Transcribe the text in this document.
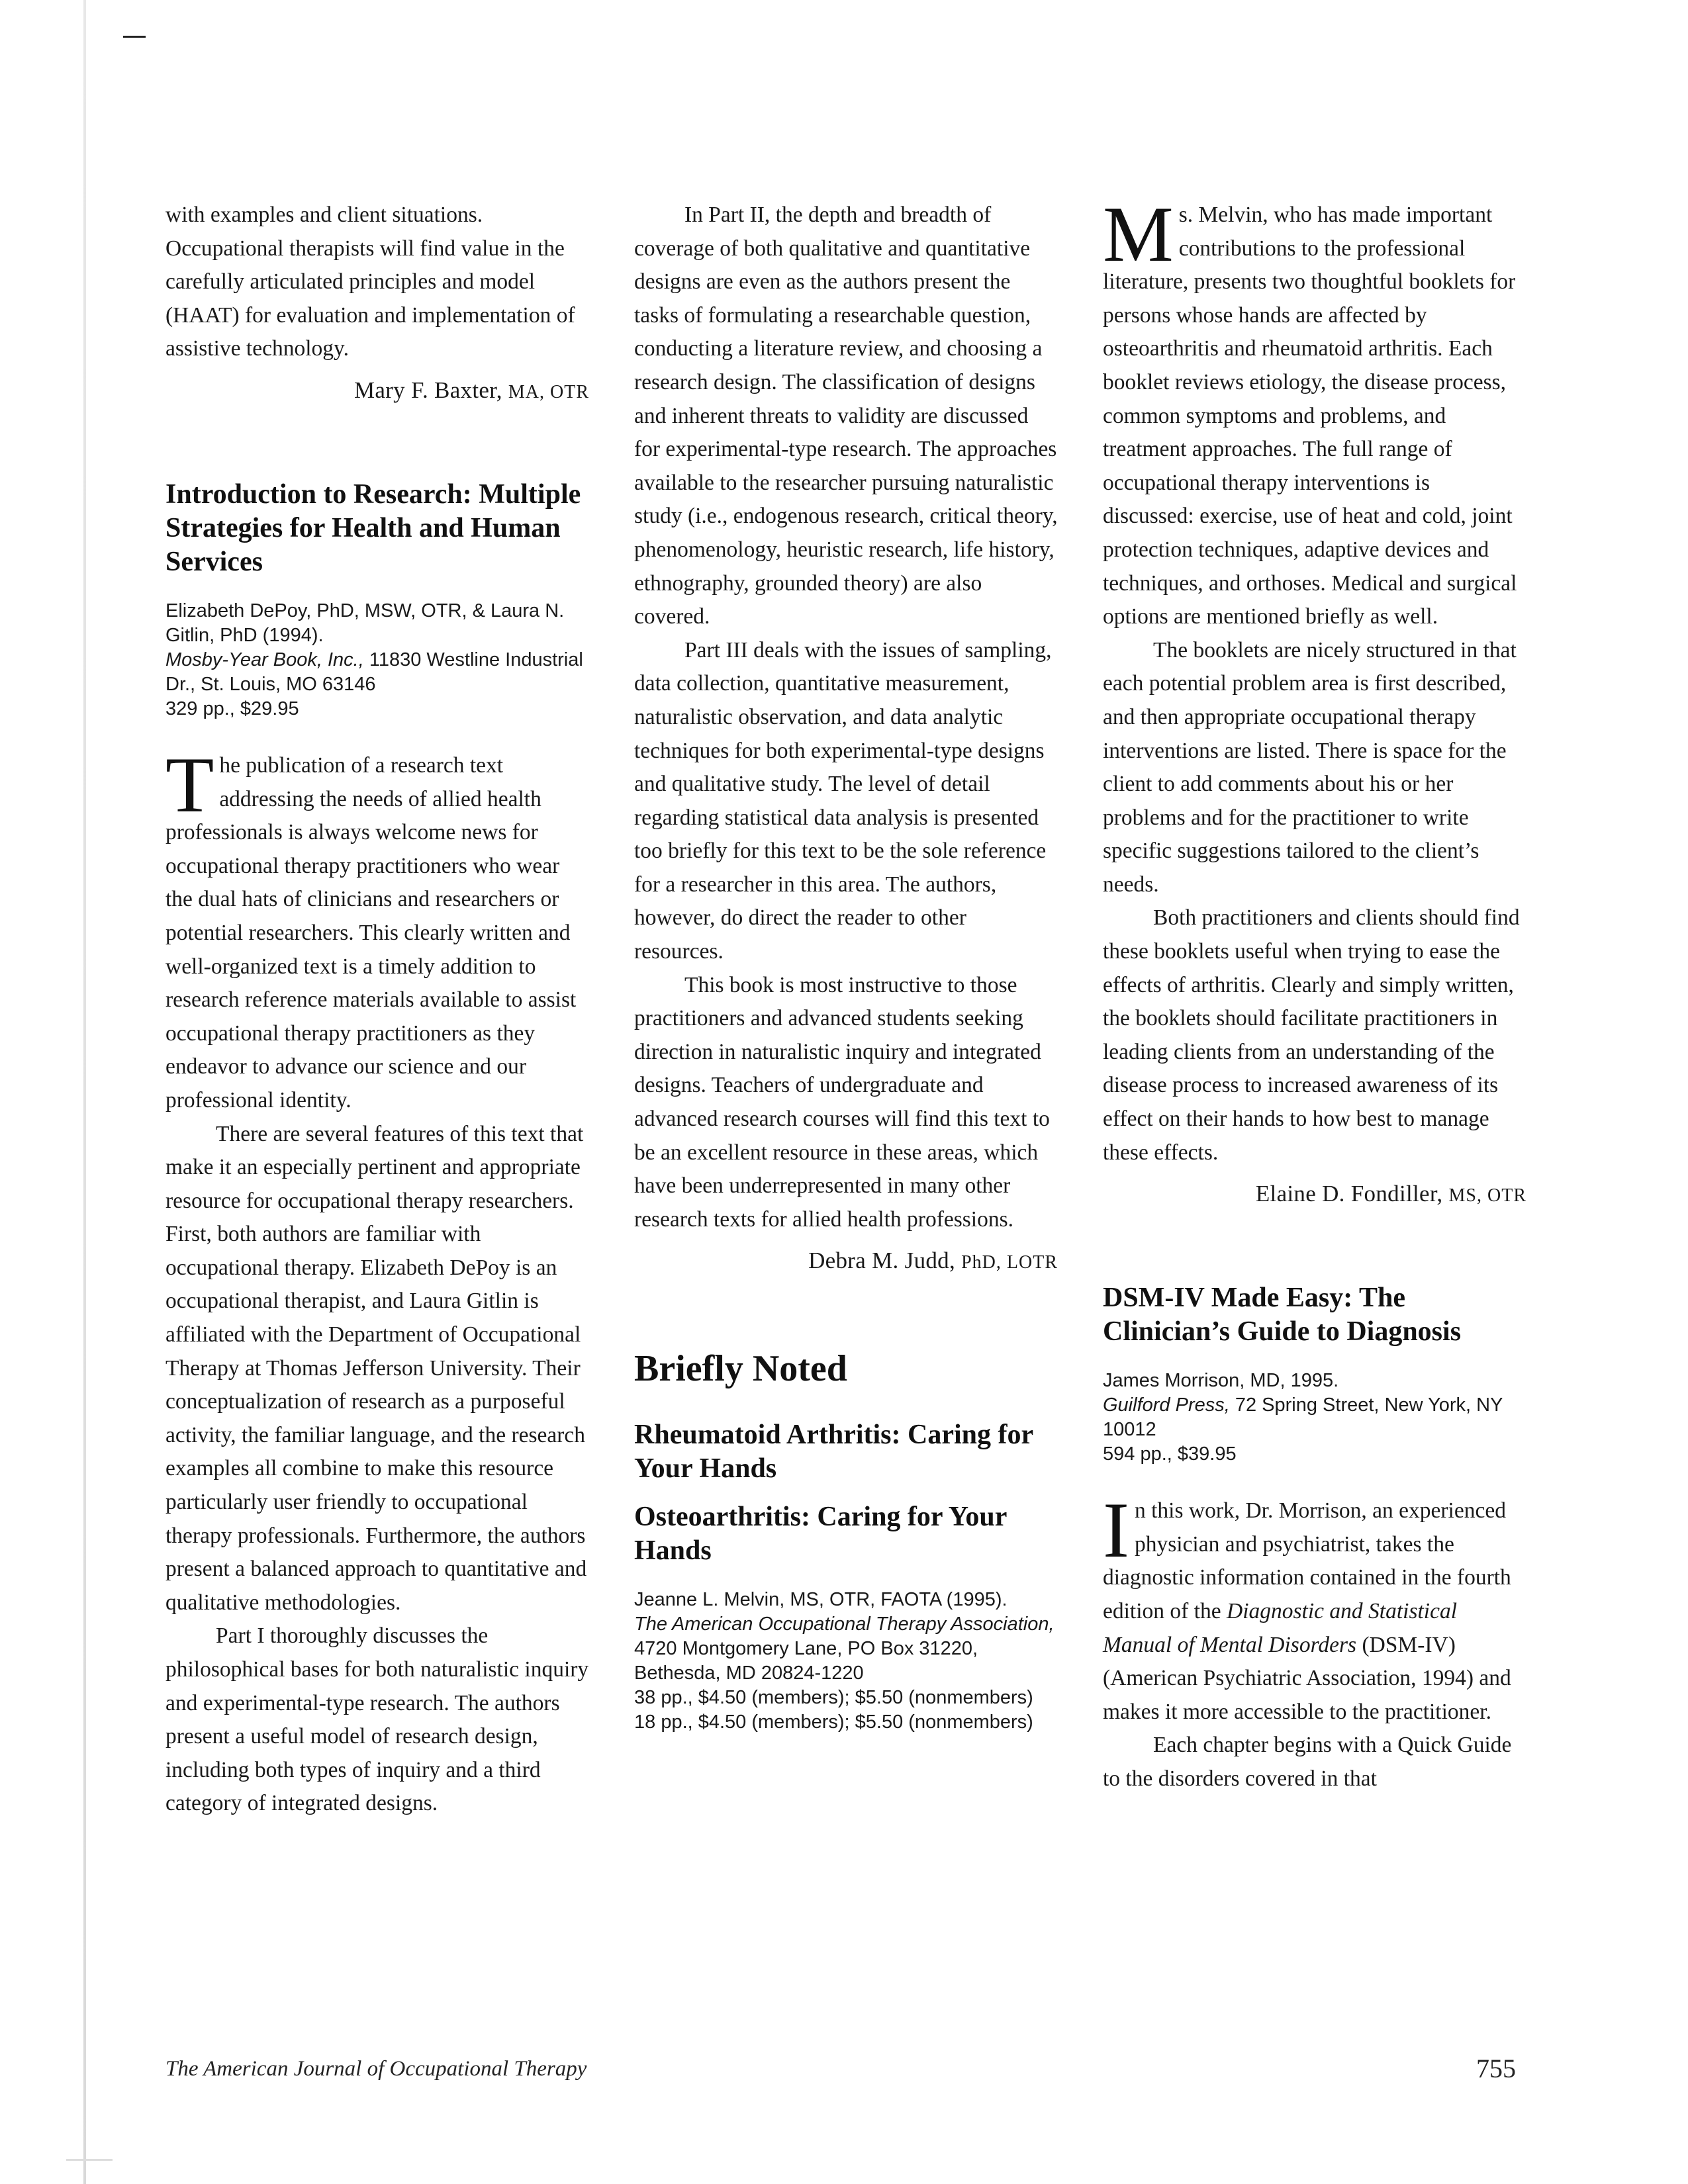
with examples and client situations. Occupational therapists will find value in the carefully articulated principles and model (HAAT) for evaluation and implementation of assistive technology.

Mary F. Baxter, MA, OTR

Introduction to Research: Multiple Strategies for Health and Human Services

Elizabeth DePoy, PhD, MSW, OTR, & Laura N. Gitlin, PhD (1994).

Mosby-Year Book, Inc., 11830 Westline Industrial Dr., St. Louis, MO 63146

329 pp., $29.95

The publication of a research text addressing the needs of allied health professionals is always welcome news for occupational therapy practitioners who wear the dual hats of clinicians and researchers or potential researchers. This clearly written and well-organized text is a timely addition to research reference materials available to assist occupational therapy practitioners as they endeavor to advance our science and our professional identity.

There are several features of this text that make it an especially pertinent and appropriate resource for occupational therapy researchers. First, both authors are familiar with occupational therapy. Elizabeth DePoy is an occupational therapist, and Laura Gitlin is affiliated with the Department of Occupational Therapy at Thomas Jefferson University. Their conceptualization of research as a purposeful activity, the familiar language, and the research examples all combine to make this resource particularly user friendly to occupational therapy professionals. Furthermore, the authors present a balanced approach to quantitative and qualitative methodologies.

Part I thoroughly discusses the philosophical bases for both naturalistic inquiry and experimental-type research. The authors present a useful model of research design, including both types of inquiry and a third category of integrated designs.

In Part II, the depth and breadth of coverage of both qualitative and quantitative designs are even as the authors present the tasks of formulating a researchable question, conducting a literature review, and choosing a research design. The classification of designs and inherent threats to validity are discussed for experimental-type research. The approaches available to the researcher pursuing naturalistic study (i.e., endogenous research, critical theory, phenomenology, heuristic research, life history, ethnography, grounded theory) are also covered.

Part III deals with the issues of sampling, data collection, quantitative measurement, naturalistic observation, and data analytic techniques for both experimental-type designs and qualitative study. The level of detail regarding statistical data analysis is presented too briefly for this text to be the sole reference for a researcher in this area. The authors, however, do direct the reader to other resources.

This book is most instructive to those practitioners and advanced students seeking direction in naturalistic inquiry and integrated designs. Teachers of undergraduate and advanced research courses will find this text to be an excellent resource in these areas, which have been underrepresented in many other research texts for allied health professions.

Debra M. Judd, PhD, LOTR

Briefly Noted

Rheumatoid Arthritis: Caring for Your Hands

Osteoarthritis: Caring for Your Hands

Jeanne L. Melvin, MS, OTR, FAOTA (1995).

The American Occupational Therapy Association, 4720 Montgomery Lane, PO Box 31220, Bethesda, MD 20824-1220

38 pp., $4.50 (members); $5.50 (nonmembers)

18 pp., $4.50 (members); $5.50 (nonmembers)

Ms. Melvin, who has made important contributions to the professional literature, presents two thoughtful booklets for persons whose hands are affected by osteoarthritis and rheumatoid arthritis. Each booklet reviews etiology, the disease process, common symptoms and problems, and treatment approaches. The full range of occupational therapy interventions is discussed: exercise, use of heat and cold, joint protection techniques, adaptive devices and techniques, and orthoses. Medical and surgical options are mentioned briefly as well.

The booklets are nicely structured in that each potential problem area is first described, and then appropriate occupational therapy interventions are listed. There is space for the client to add comments about his or her problems and for the practitioner to write specific suggestions tailored to the client’s needs.

Both practitioners and clients should find these booklets useful when trying to ease the effects of arthritis. Clearly and simply written, the booklets should facilitate practitioners in leading clients from an understanding of the disease process to increased awareness of its effect on their hands to how best to manage these effects.

Elaine D. Fondiller, MS, OTR

DSM-IV Made Easy: The Clinician’s Guide to Diagnosis

James Morrison, MD, 1995.

Guilford Press, 72 Spring Street, New York, NY 10012

594 pp., $39.95

In this work, Dr. Morrison, an experienced physician and psychiatrist, takes the diagnostic information contained in the fourth edition of the Diagnostic and Statistical Manual of Mental Disorders (DSM-IV) (American Psychiatric Association, 1994) and makes it more accessible to the practitioner.

Each chapter begins with a Quick Guide to the disorders covered in that

The American Journal of Occupational Therapy	755
